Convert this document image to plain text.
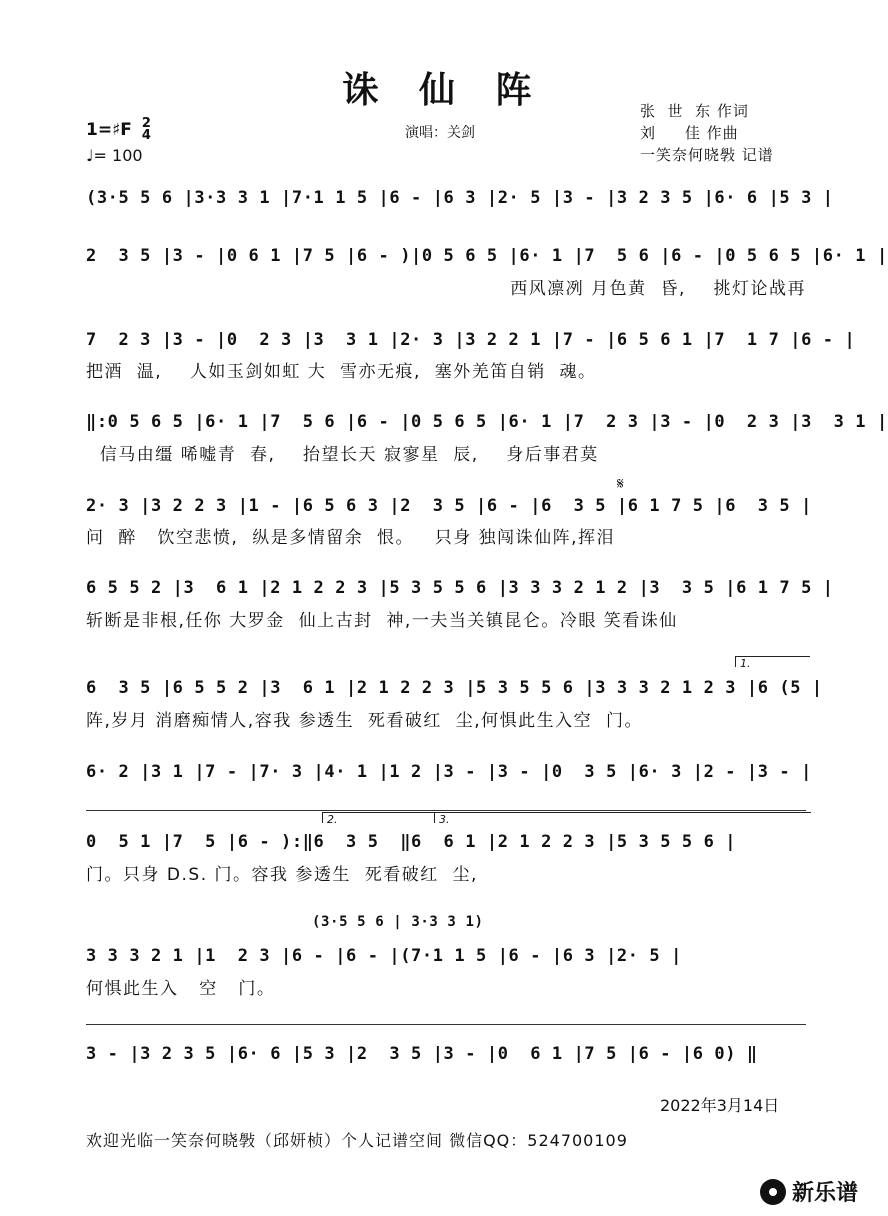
诛 仙 阵
1=♯F 2
4
♩= 100
演唱：关剑
张  世  东 作词
刘     佳 作曲
一笑奈何晓斅 记谱
(3·5 5 6 |3·3 3 1 |7·1 1 5 |6 - |6 3 |2· 5 |3 - |3 2 3 5 |6· 6 |5 3 |
2  3 5 |3 - |0 6 1 |7 5 |6 - )|0 5 6 5 |6· 1 |7  5 6 |6 - |0 5 6 5 |6· 1 |
西风凛冽 月色黄  昏,    挑灯论战再
7  2 3 |3 - |0  2 3 |3  3 1 |2· 3 |3 2 2 1 |7 - |6 5 6 1 |7  1 7 |6 - |
把酒  温,    人如玉剑如虹 大  雪亦无痕,  塞外羌笛自销  魂。
‖:0 5 6 5 |6· 1 |7  5 6 |6 - |0 5 6 5 |6· 1 |7  2 3 |3 - |0  2 3 |3  3 1 |
信马由缰 唏嘘青  春,    抬望长天 寂寥星  辰,    身后事君莫
𝄋
2· 3 |3 2 2 3 |1 - |6 5 6 3 |2  3 5 |6 - |6  3 5 |6 1 7 5 |6  3 5 |
问  醉   饮空悲愤,  纵是多情留余  恨。   只身 独闯诛仙阵,挥泪
6 5 5 2 |3  6 1 |2 1 2 2 3 |5 3 5 5 6 |3 3 3 2 1 2 |3  3 5 |6 1 7 5 |
斩断是非根,任你 大罗金  仙上古封  神,一夫当关镇昆仑。冷眼 笑看诛仙
1.
6  3 5 |6 5 5 2 |3  6 1 |2 1 2 2 3 |5 3 5 5 6 |3 3 3 2 1 2 3 |6 (5 |
阵,岁月 消磨痴情人,容我 参透生  死看破红  尘,何惧此生入空  门。
6· 2 |3 1 |7 - |7· 3 |4· 1 |1 2 |3 - |3 - |0  3 5 |6· 3 |2 - |3 - |
2.	3.
0  5 1 |7  5 |6 - ):‖6  3 5  ‖6  6 1 |2 1 2 2 3 |5 3 5 5 6 |
门。只身 D.S. 门。容我 参透生  死看破红  尘,
(3·5 5 6 | 3·3 3 1)
3 3 3 2 1 |1  2 3 |6 - |6 - |(7·1 1 5 |6 - |6 3 |2· 5 |
何惧此生入   空   门。
3 - |3 2 3 5 |6· 6 |5 3 |2  3 5 |3 - |0  6 1 |7 5 |6 - |6 0) ‖
2022年3月14日
欢迎光临一笑奈何晓斅（邱妍桢）个人记谱空间 微信QQ：524700109
新乐谱
